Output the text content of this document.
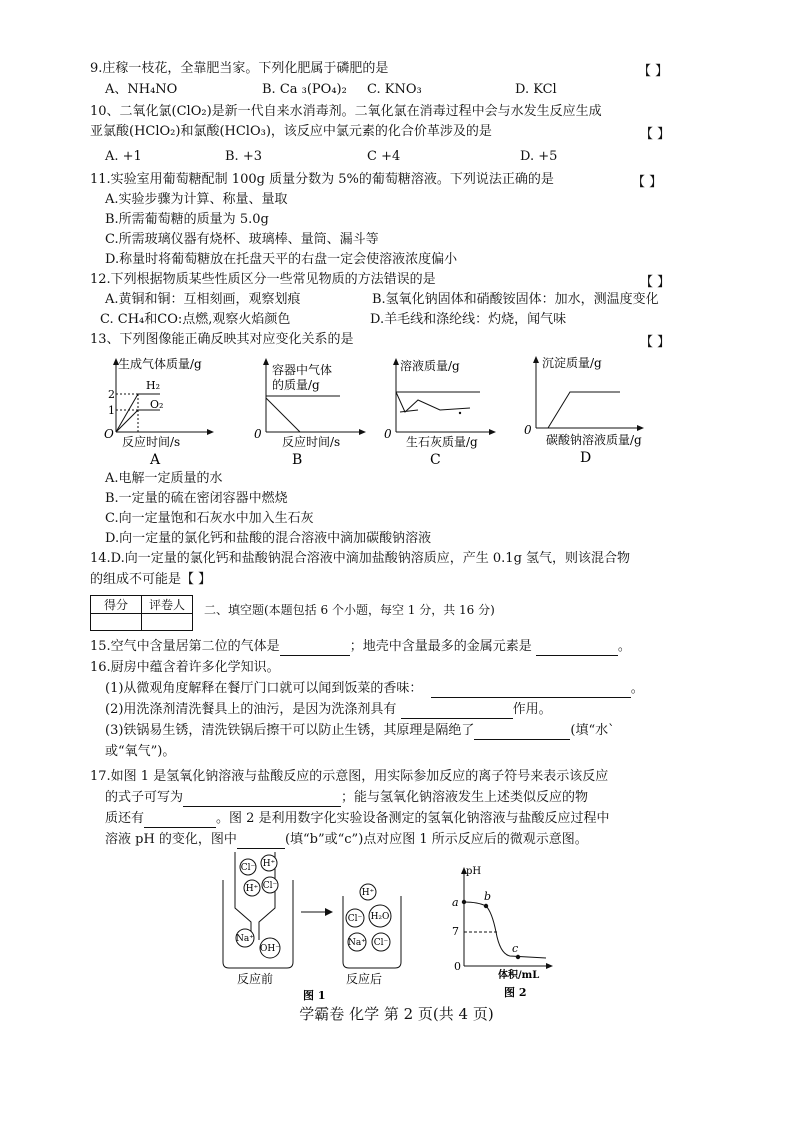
9.庄稼一枝花，全靠肥当家。下列化肥属于磷肥的是	【 】
A、NH₄NO	B. Ca ₃(PO₄)₂ C. KNO₃	D. KCl
10、二氧化氯(ClO₂)是新一代自来水消毒剂。二氧化氯在消毒过程中会与水发生反应生成
亚氯酸(HClO₂)和氯酸(HClO₃)，该反应中氯元素的化合价革涉及的是	【 】
A. +1	B. +3	C +4	D. +5
11.实验室用葡萄糖配制 100g 质量分数为 5%的葡萄糖溶液。下列说法正确的是	【 】
A.实验步骤为计算、称量、量取
B.所需葡萄糖的质量为 5.0g
C.所需玻璃仪器有烧杯、玻璃棒、量筒、漏斗等
D.称量时将葡萄糖放在托盘天平的右盘一定会使溶液浓度偏小
12.下列根据物质某些性质区分一些常见物质的方法错误的是	【 】
A.黄铜和铜：互相刻画，观察划痕	B.氢氧化钠固体和硝酸铵固体：加水，测温度变化
C. CH₄和CO:点燃,观察火焰颜色	D.羊毛线和涤纶线：灼烧，闻气味
13、下列图像能正确反映其对应变化关系的是	【 】
生成气体质量/g
2
1
H₂
O₂
O
反应时间/s
A
容器中气体
的质量/g
0
反应时间/s
B
溶液质量/g
0
生石灰质量/g
C
沉淀质量/g
0
碳酸钠溶液质量/g
D
A.电解一定质量的水
B.一定量的硫在密闭容器中燃烧
C.向一定量饱和石灰水中加入生石灰
D.向一定量的氯化钙和盐酸的混合溶液中滴加碳酸钠溶液
14.D.向一定量的氯化钙和盐酸钠混合溶液中滴加盐酸钠溶质应，产生 0.1g 氢气，则该混合物
的组成不可能是【 】
得分	评卷人
	二、填空题(本题包括 6 个小题，每空 1 分，共 16 分)
15.空气中含量居第二位的气体是	；地壳中含量最多的金属元素是	。
16.厨房中蕴含着许多化学知识。
(1)从微观角度解释在餐厅门口就可以闻到饭菜的香味：	。
(2)用洗涤剂清洗餐具上的油污，是因为洗涤剂具有	作用。
(3)铁锅易生锈，清洗铁锅后擦干可以防止生锈，其原理是隔绝了	(填“水`
或“氧气”)。
17.如图 1 是氢氧化钠溶液与盐酸反应的示意图，用实际参加反应的离子符号来表示该反应
的式子可写为	；能与氢氧化钠溶液发生上述类似反应的物
质还有	。图 2 是利用数字化实验设备测定的氢氧化钠溶液与盐酸反应过程中
溶液 pH 的变化，图中	(填“b”或“c”)点对应图 1 所示反应后的微观示意图。
Cl⁻ H⁺
H⁺ Cl⁻
Na⁺
OH⁻
H⁺
Cl⁻ H₂O
Na⁺ Cl⁻
反应前	反应后
图 1
pH
a
7
0
b
c
体积/mL
图 2
学霸卷 化学 第 2 页(共 4 页)
